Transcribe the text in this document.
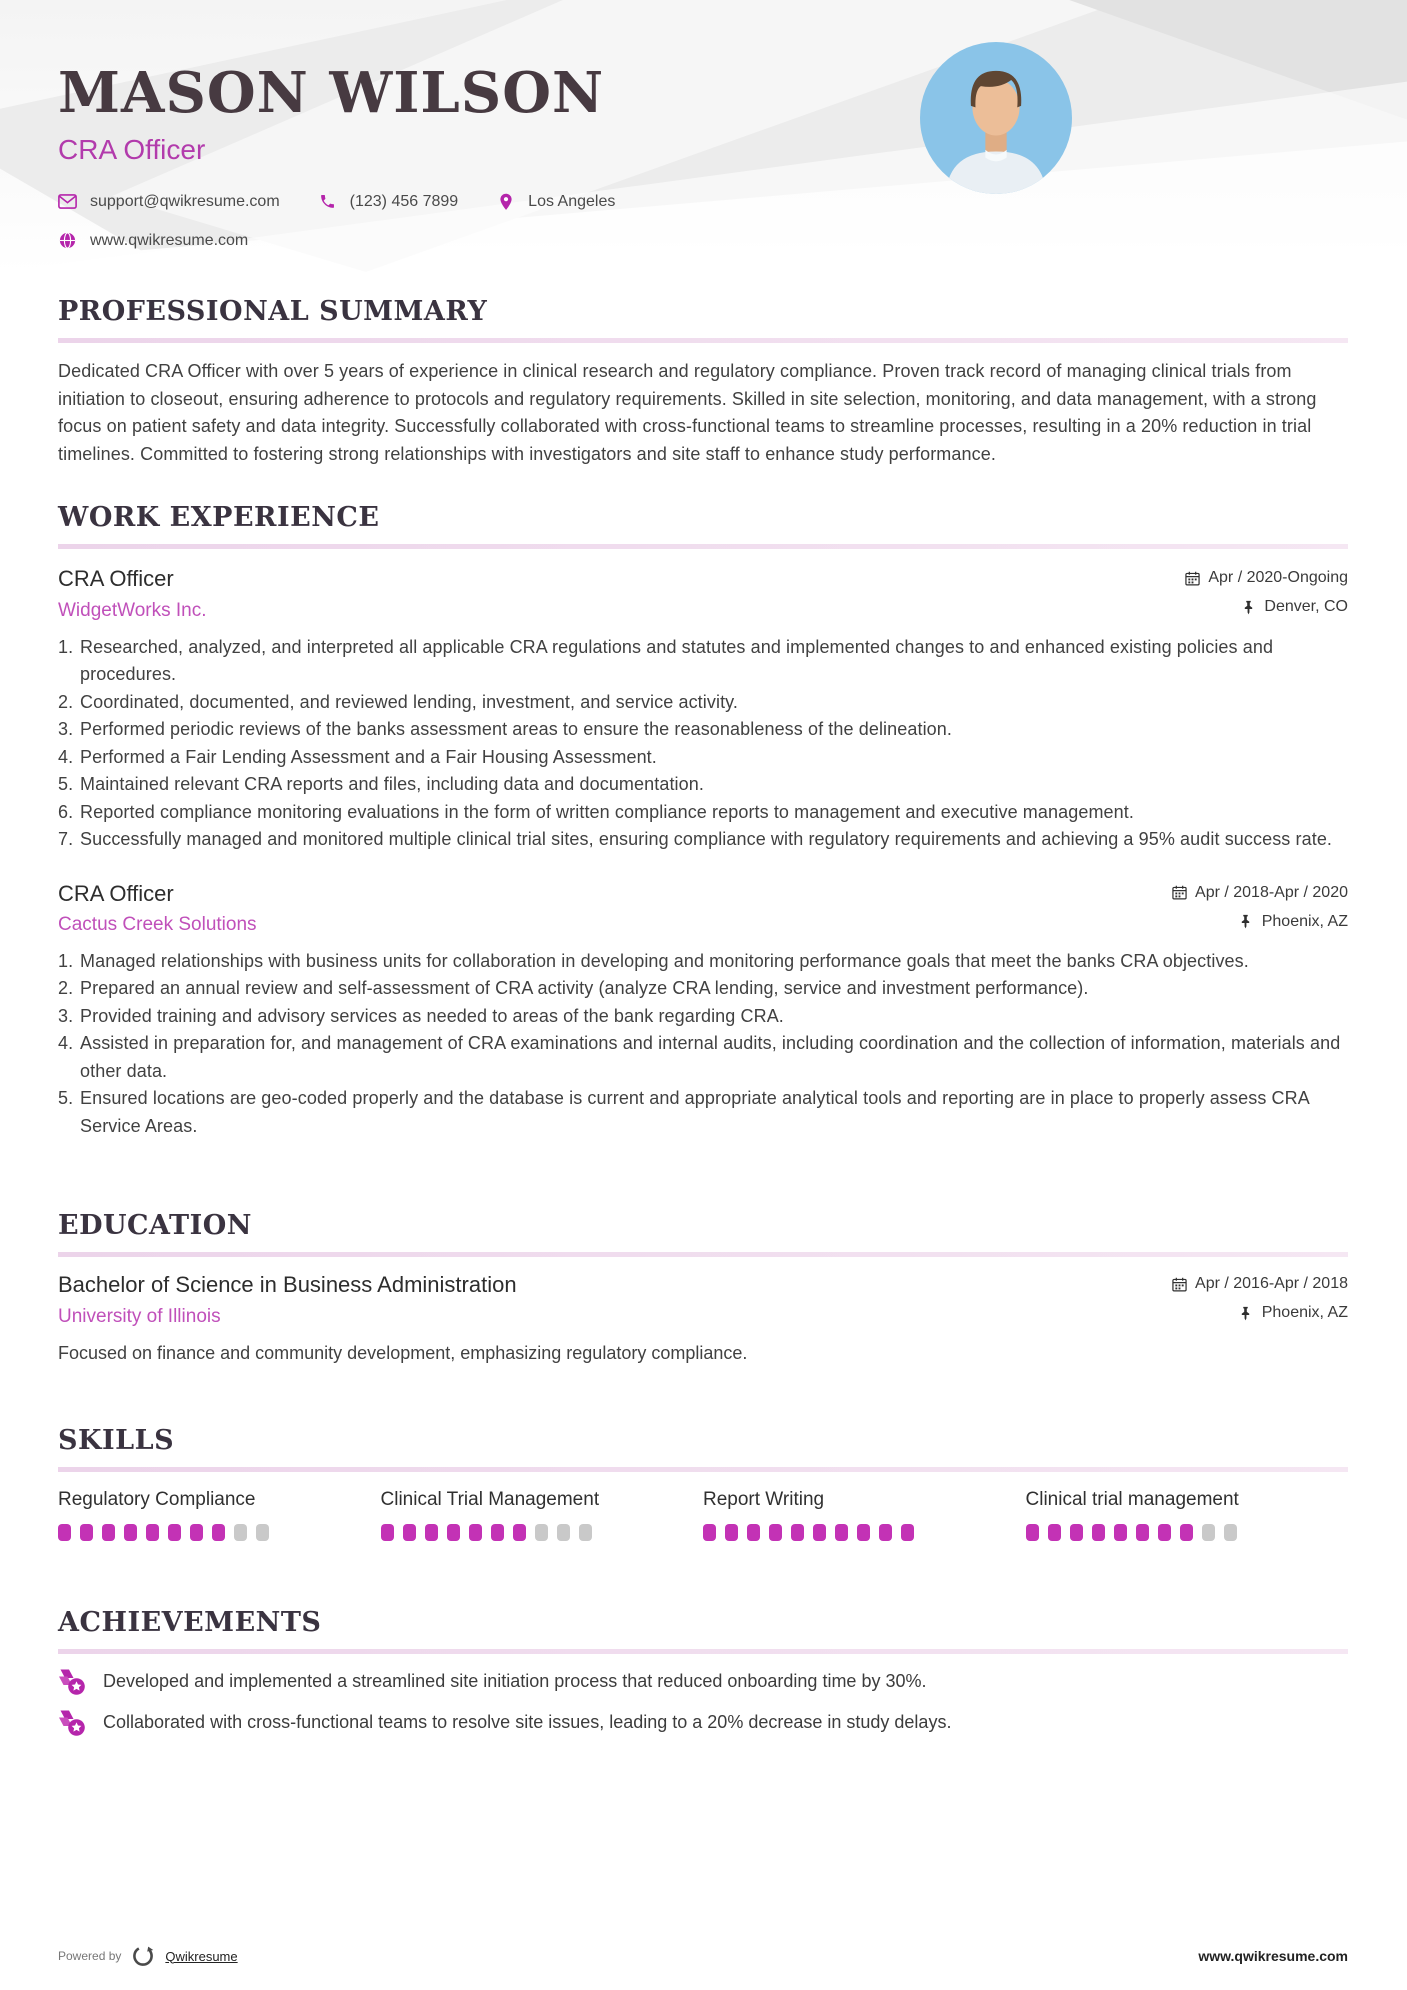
MASON WILSON
CRA Officer
support@qwikresume.com	(123) 456 7899	Los Angeles
www.qwikresume.com
PROFESSIONAL SUMMARY

Dedicated CRA Officer with over 5 years of experience in clinical research and regulatory compliance. Proven track record of managing clinical trials from initiation to closeout, ensuring adherence to protocols and regulatory requirements. Skilled in site selection, monitoring, and data management, with a strong focus on patient safety and data integrity. Successfully collaborated with cross-functional teams to streamline processes, resulting in a 20% reduction in trial timelines. Committed to fostering strong relationships with investigators and site staff to enhance study performance.

WORK EXPERIENCE
CRA Officer
WidgetWorks Inc.
Apr / 2020-Ongoing
Denver, CO
Researched, analyzed, and interpreted all applicable CRA regulations and statutes and implemented changes to and enhanced existing policies and procedures.
Coordinated, documented, and reviewed lending, investment, and service activity.
Performed periodic reviews of the banks assessment areas to ensure the reasonableness of the delineation.
Performed a Fair Lending Assessment and a Fair Housing Assessment.
Maintained relevant CRA reports and files, including data and documentation.
Reported compliance monitoring evaluations in the form of written compliance reports to management and executive management.
Successfully managed and monitored multiple clinical trial sites, ensuring compliance with regulatory requirements and achieving a 95% audit success rate.
CRA Officer
Cactus Creek Solutions
Apr / 2018-Apr / 2020
Phoenix, AZ
Managed relationships with business units for collaboration in developing and monitoring performance goals that meet the banks CRA objectives.
Prepared an annual review and self-assessment of CRA activity (analyze CRA lending, service and investment performance).
Provided training and advisory services as needed to areas of the bank regarding CRA.
Assisted in preparation for, and management of CRA examinations and internal audits, including coordination and the collection of information, materials and other data.
Ensured locations are geo-coded properly and the database is current and appropriate analytical tools and reporting are in place to properly assess CRA Service Areas.
EDUCATION
Bachelor of Science in Business Administration
University of Illinois
Apr / 2016-Apr / 2018
Phoenix, AZ
Focused on finance and community development, emphasizing regulatory compliance.
SKILLS
Regulatory Compliance	Clinical Trial Management	Report Writing	Clinical trial management
ACHIEVEMENTS
Developed and implemented a streamlined site initiation process that reduced onboarding time by 30%.
Collaborated with cross-functional teams to resolve site issues, leading to a 20% decrease in study delays.
Powered by	Qwikresume	www.qwikresume.com
